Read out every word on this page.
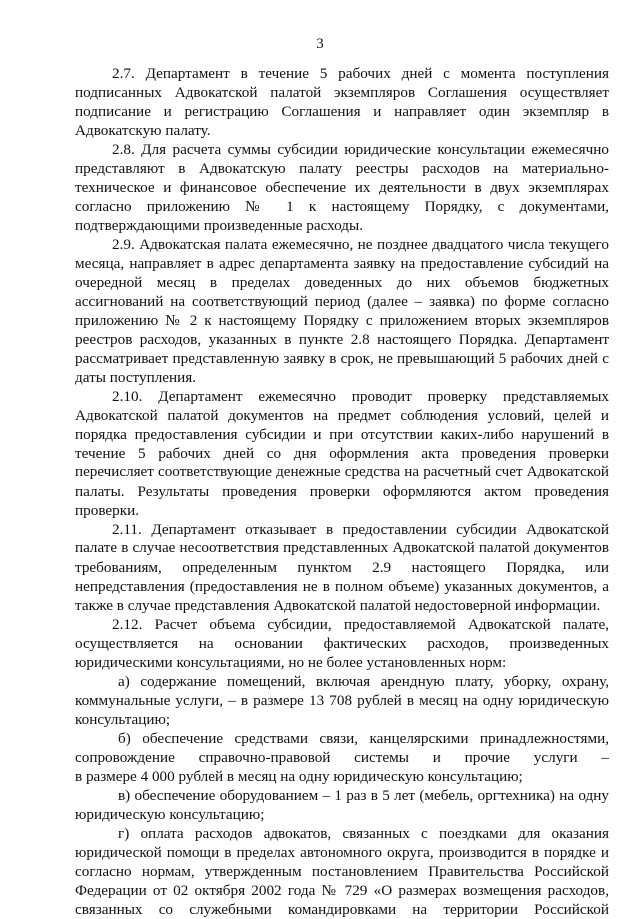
3
2.7. Департамент в течение 5 рабочих дней с момента поступления
подписанных Адвокатской палатой экземпляров Соглашения осуществляет
подписание и регистрацию Соглашения и направляет один экземпляр в
Адвокатскую палату.
2.8. Для расчета суммы субсидии юридические консультации ежемесячно
представляют в Адвокатскую палату реестры расходов на материально-
техническое и финансовое обеспечение их деятельности в двух экземплярах
согласно приложению № 1 к настоящему Порядку, с документами,
подтверждающими произведенные расходы.
2.9. Адвокатская палата ежемесячно, не позднее двадцатого числа текущего
месяца, направляет в адрес департамента заявку на предоставление субсидий на
очередной месяц в пределах доведенных до них объемов бюджетных
ассигнований на соответствующий период (далее – заявка) по форме согласно
приложению № 2 к настоящему Порядку с приложением вторых экземпляров
реестров расходов, указанных в пункте 2.8 настоящего Порядка. Департамент
рассматривает представленную заявку в срок, не превышающий 5 рабочих дней с
даты поступления.
2.10. Департамент ежемесячно проводит проверку представляемых
Адвокатской палатой документов на предмет соблюдения условий, целей и
порядка предоставления субсидии и при отсутствии каких-либо нарушений в
течение 5 рабочих дней со дня оформления акта проведения проверки
перечисляет соответствующие денежные средства на расчетный счет Адвокатской
палаты. Результаты проведения проверки оформляются актом проведения
проверки.
2.11. Департамент отказывает в предоставлении субсидии Адвокатской
палате в случае несоответствия представленных Адвокатской палатой документов
требованиям, определенным пунктом 2.9 настоящего Порядка, или
непредставления (предоставления не в полном объеме) указанных документов, а
также в случае представления Адвокатской палатой недостоверной информации.
2.12. Расчет объема субсидии, предоставляемой Адвокатской палате,
осуществляется на основании фактических расходов, произведенных
юридическими консультациями, но не более установленных норм:
а) содержание помещений, включая арендную плату, уборку, охрану,
коммунальные услуги, – в размере 13 708 рублей в месяц на одну юридическую
консультацию;
б) обеспечение средствами связи, канцелярскими принадлежностями,
сопровождение справочно-правовой системы и прочие услуги –
в размере 4 000 рублей в месяц на одну юридическую консультацию;
в) обеспечение оборудованием – 1 раз в 5 лет (мебель, оргтехника) на одну
юридическую консультацию;
г) оплата расходов адвокатов, связанных с поездками для оказания
юридической помощи в пределах автономного округа, производится в порядке и
согласно нормам, утвержденным постановлением Правительства Российской
Федерации от 02 октября 2002 года № 729 «О размерах возмещения расходов,
связанных со служебными командировками на территории Российской
